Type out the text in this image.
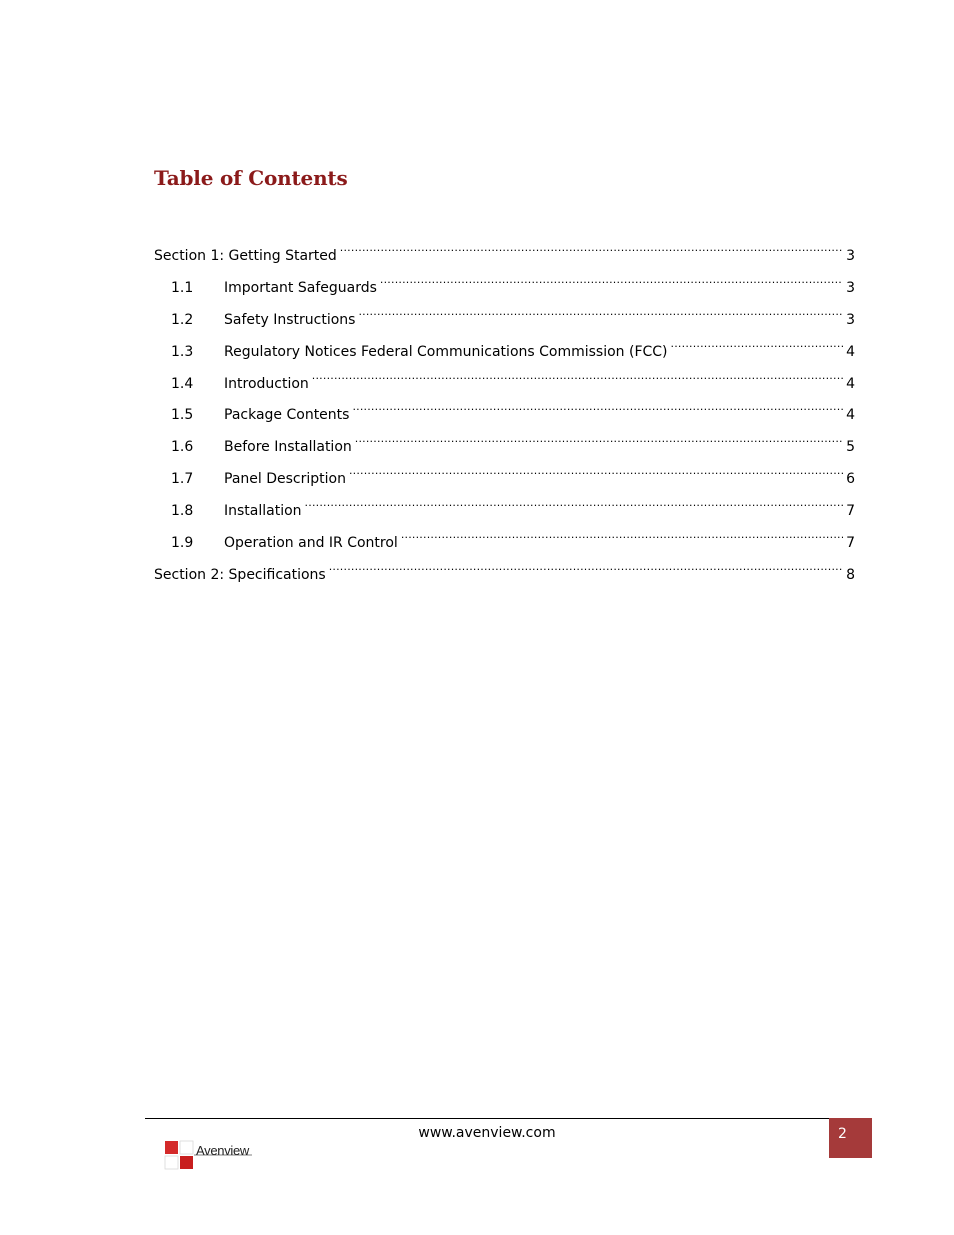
Table of Contents
Section 1: Getting Started .....	3
1.1	Important Safeguards .....	3
1.2	Safety Instructions .....	3
1.3	Regulatory Notices Federal Communications Commission (FCC) .....	4
1.4	Introduction .....	4
1.5	Package Contents .....	4
1.6	Before Installation .....	5
1.7	Panel Description .....	6
1.8	Installation .....	7
1.9	Operation and IR Control .....	7
Section 2: Specifications .....	8
www.avenview.com	2
Avenview
